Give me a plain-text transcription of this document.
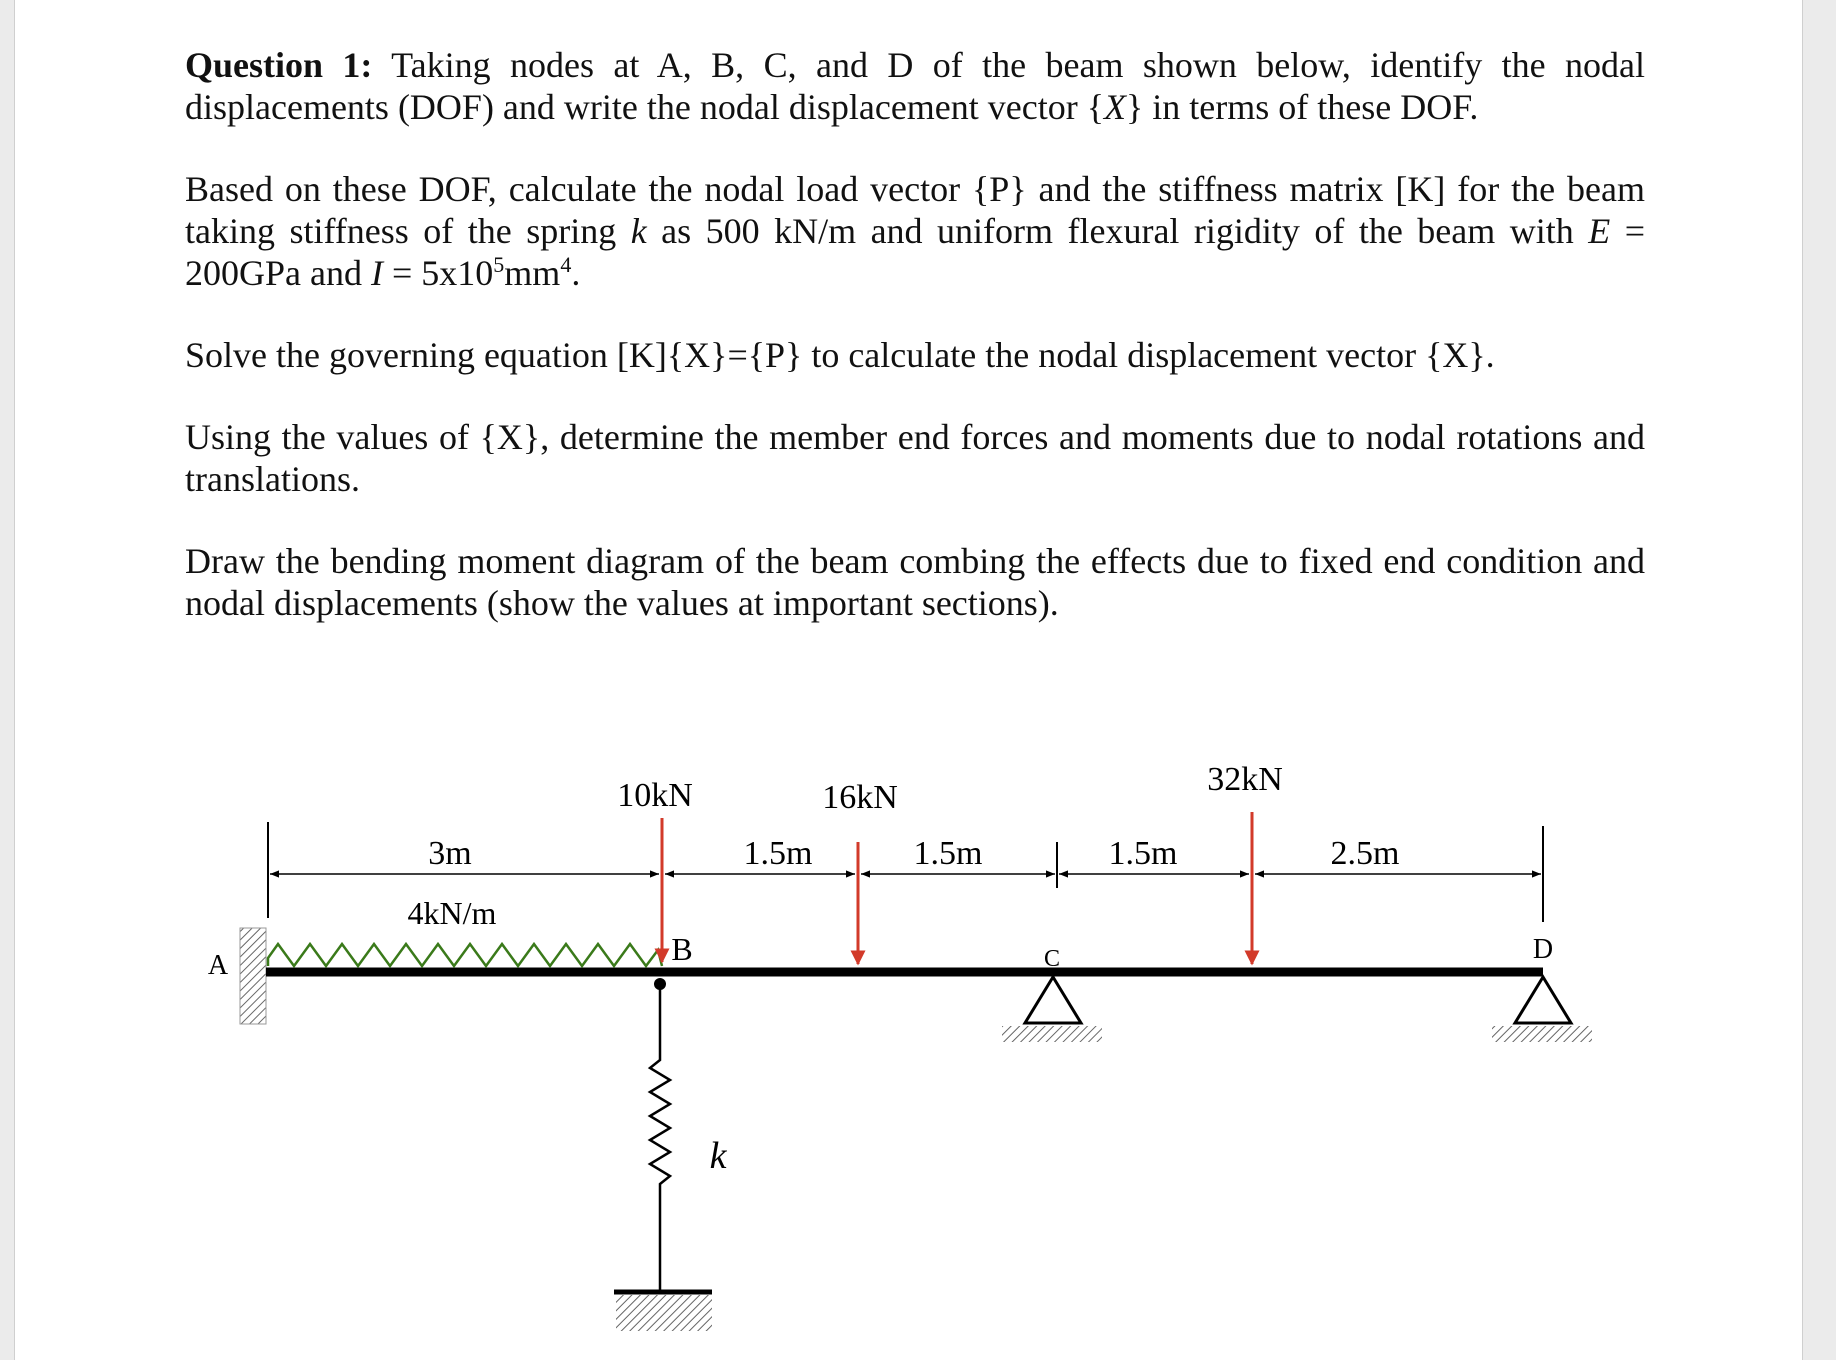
Question 1: Taking nodes at A, B, C, and D of the beam shown below, identify the nodal displacements (DOF) and write the nodal displacement vector {X} in terms of these DOF.
Based on these DOF, calculate the nodal load vector {P} and the stiffness matrix [K] for the beam taking stiffness of the spring k as 500 kN/m and uniform flexural rigidity of the beam with E = 200GPa and $I = 5x10^5mm^4$.
Solve the governing equation [K]{X}={P} to calculate the nodal displacement vector {X}.
Using the values of {X}, determine the member end forces and moments due to nodal rotations and translations.
Draw the bending moment diagram of the beam combing the effects due to fixed end condition and nodal displacements (show the values at important sections).
A
3m	1.5m	1.5m	1.5m	2.5m
4kN/m
10kN	16kN	32kN
B
k
C	D
